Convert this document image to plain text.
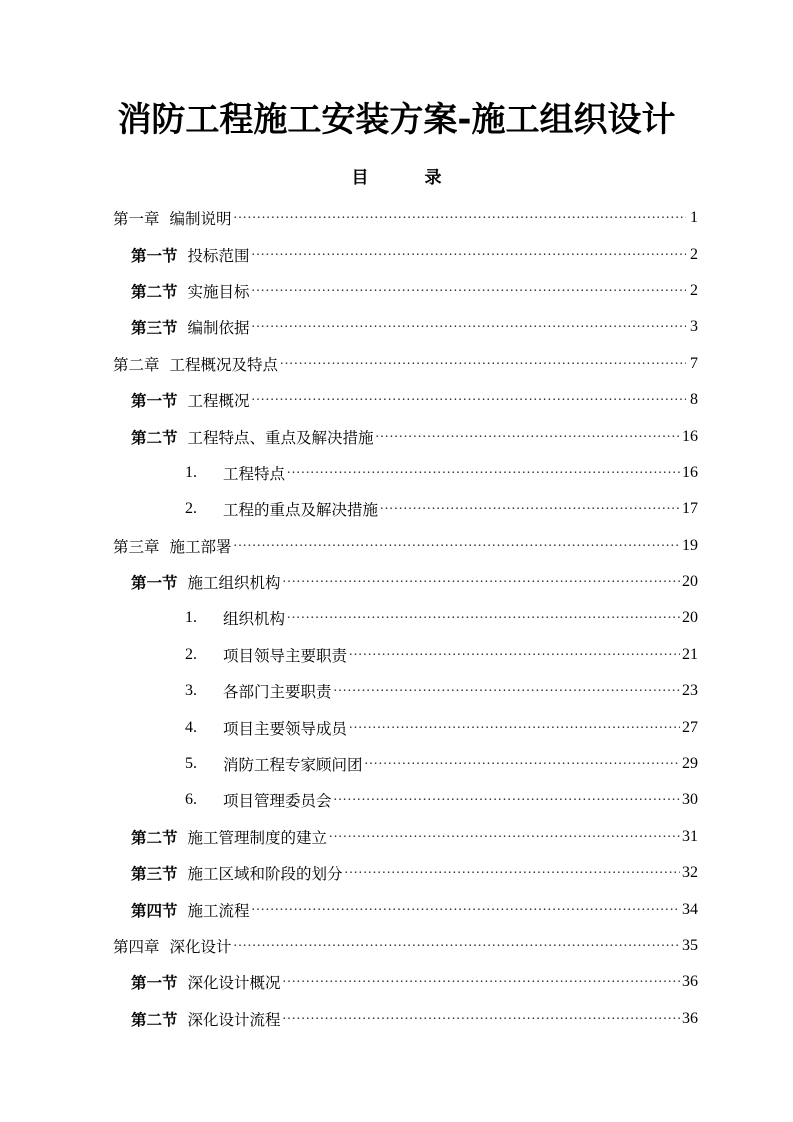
消防工程施工安装方案-施工组织设计
目	录
第一章 编制说明 .....	1
第一节 投标范围 .....	2
第二节 实施目标 .....	2
第三节 编制依据 .....	3
第二章 工程概况及特点 .....	7
第一节 工程概况 .....	8
第二节 工程特点、重点及解决措施 .....	16
1.	工程特点 .....	16
2.	工程的重点及解决措施 .....	17
第三章 施工部署 .....	19
第一节 施工组织机构 .....	20
1.	组织机构 .....	20
2.	项目领导主要职责 .....	21
3.	各部门主要职责 .....	23
4.	项目主要领导成员 .....	27
5.	消防工程专家顾问团 .....	29
6.	项目管理委员会 .....	30
第二节 施工管理制度的建立 .....	31
第三节 施工区域和阶段的划分 .....	32
第四节 施工流程 .....	34
第四章 深化设计 .....	35
第一节 深化设计概况 .....	36
第二节 深化设计流程 .....	36
